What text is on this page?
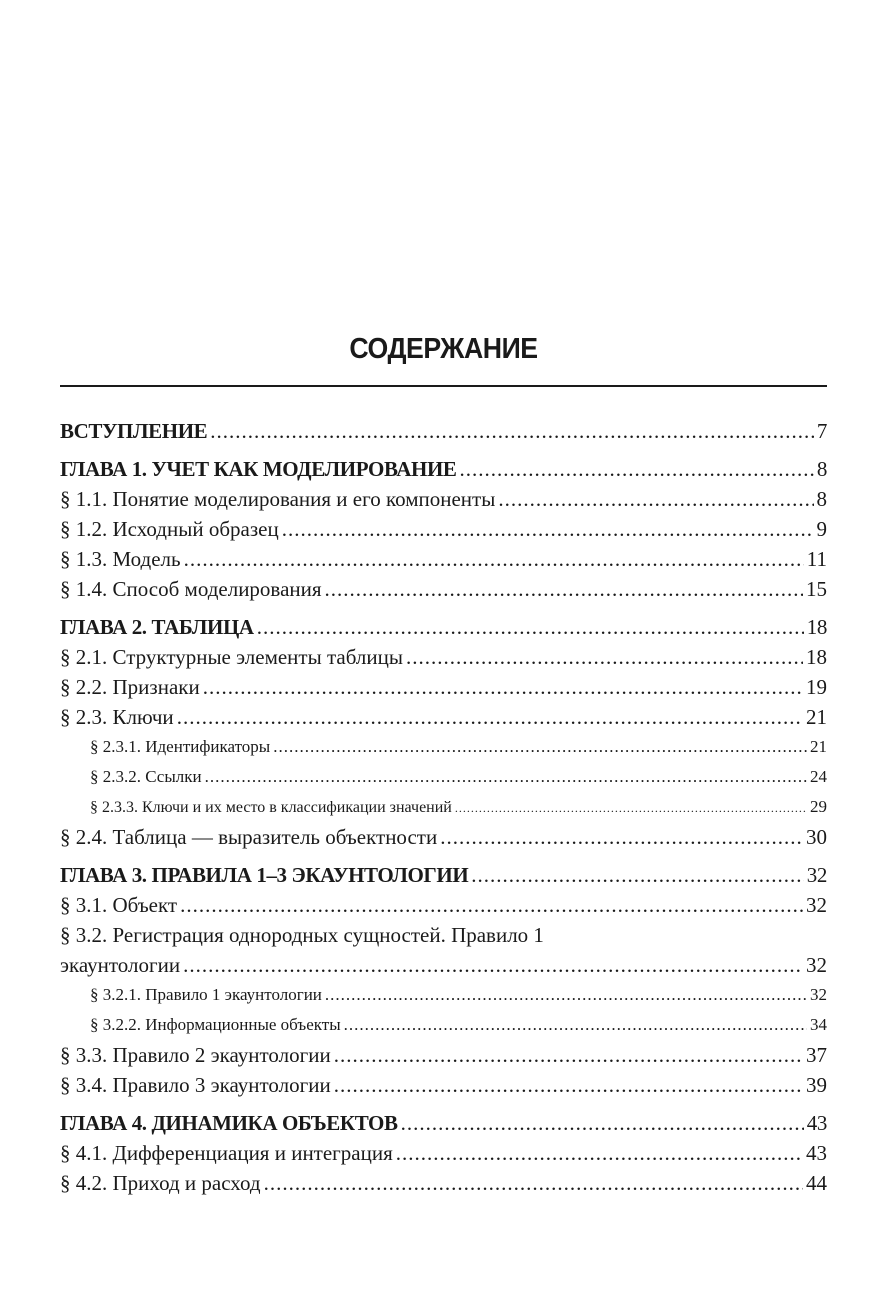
СОДЕРЖАНИЕ
ВСТУПЛЕНИЕ .....	7
ГЛАВА 1. УЧЕТ КАК МОДЕЛИРОВАНИЕ .....	8
§ 1.1. Понятие моделирования и его компоненты .....	8
§ 1.2. Исходный образец .....	9
§ 1.3. Модель .....	11
§ 1.4. Способ моделирования .....	15
ГЛАВА 2. ТАБЛИЦА .....	18
§ 2.1. Структурные элементы таблицы .....	18
§ 2.2. Признаки .....	19
§ 2.3. Ключи .....	21
§ 2.3.1. Идентификаторы .....	21
§ 2.3.2. Ссылки .....	24
§ 2.3.3. Ключи и их место в классификации значений .....	29
§ 2.4. Таблица — выразитель объектности .....	30
ГЛАВА 3. ПРАВИЛА 1–3 ЭКАУНТОЛОГИИ .....	32
§ 3.1. Объект .....	32
§ 3.2. Регистрация однородных сущностей. Правило 1
экаунтологии .....	32
§ 3.2.1. Правило 1 экаунтологии .....	32
§ 3.2.2. Информационные объекты .....	34
§ 3.3. Правило 2 экаунтологии .....	37
§ 3.4. Правило 3 экаунтологии .....	39
ГЛАВА 4. ДИНАМИКА ОБЪЕКТОВ .....	43
§ 4.1. Дифференциация и интеграция .....	43
§ 4.2. Приход и расход .....	44
